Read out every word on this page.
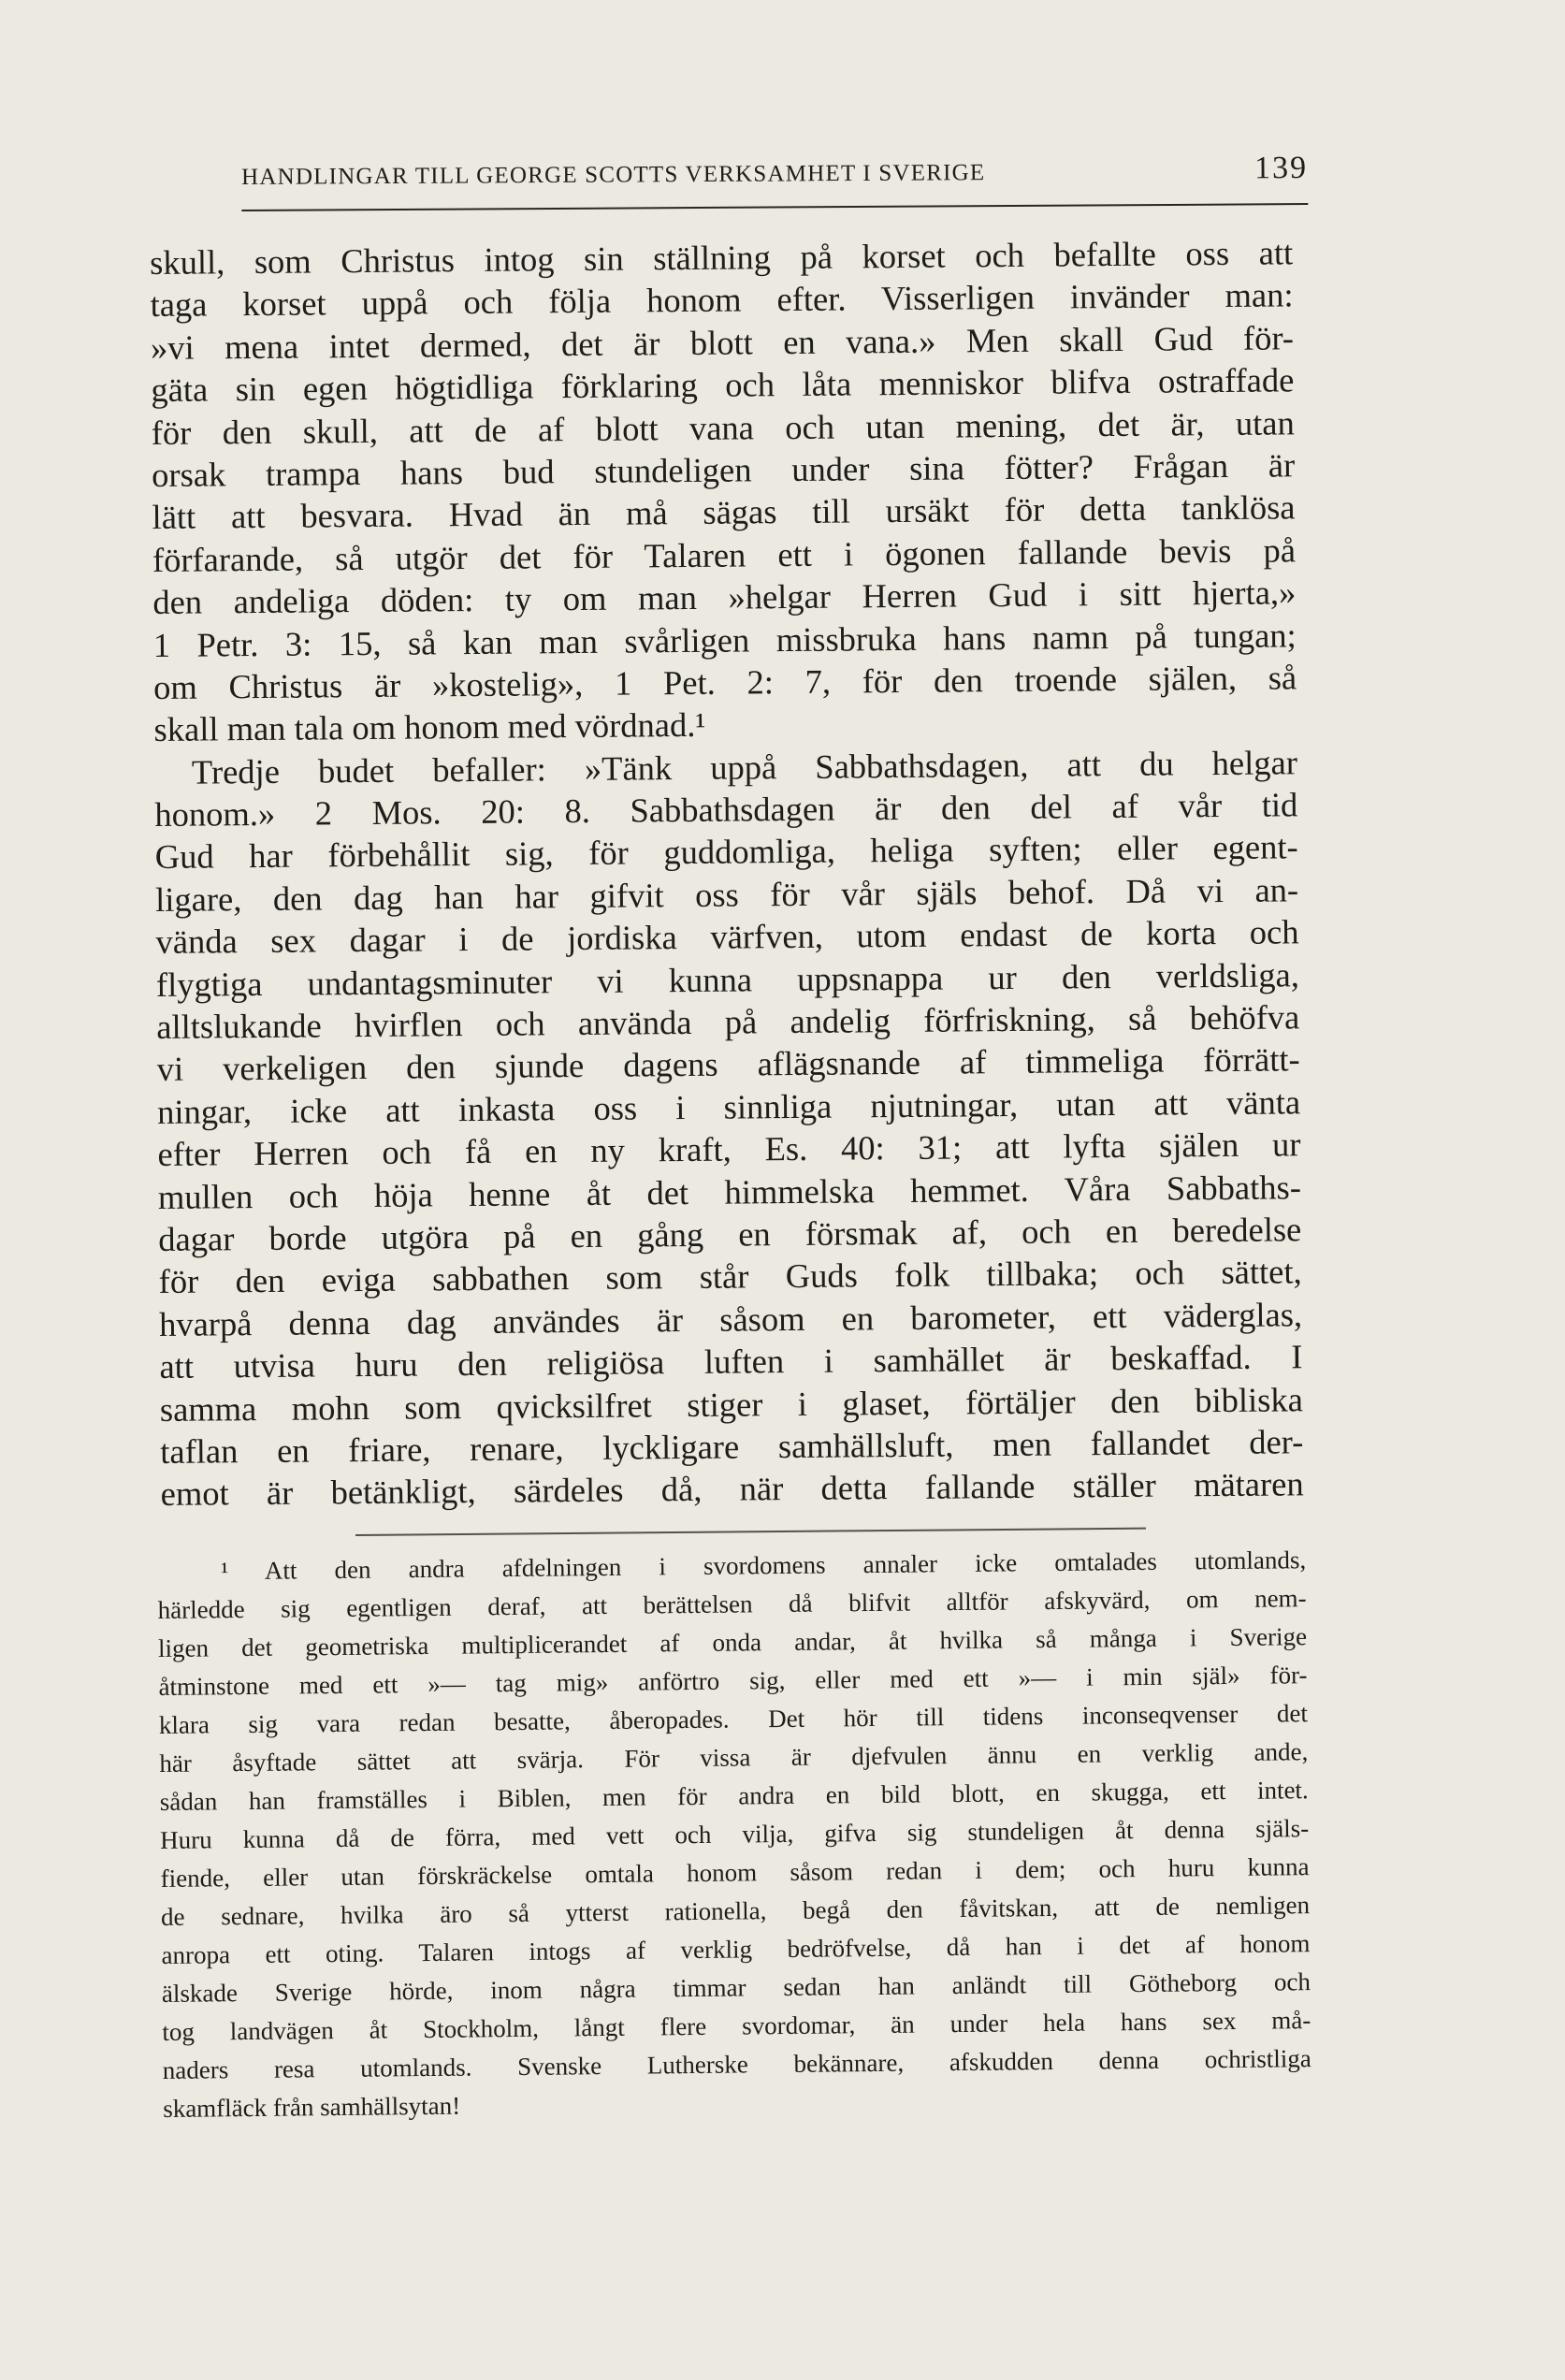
HANDLINGAR TILL GEORGE SCOTTS VERKSAMHET I SVERIGE	139
skull, som Christus intog sin ställning på korset och befallte oss att
taga korset uppå och följa honom efter. Visserligen invänder man:
»vi mena intet dermed, det är blott en vana.» Men skall Gud för-
gäta sin egen högtidliga förklaring och låta menniskor blifva ostraffade
för den skull, att de af blott vana och utan mening, det är, utan
orsak trampa hans bud stundeligen under sina fötter? Frågan är
lätt att besvara. Hvad än må sägas till ursäkt för detta tanklösa
förfarande, så utgör det för Talaren ett i ögonen fallande bevis på
den andeliga döden: ty om man »helgar Herren Gud i sitt hjerta,»
1 Petr. 3: 15, så kan man svårligen missbruka hans namn på tungan;
om Christus är »kostelig», 1 Pet. 2: 7, för den troende själen, så
skall man tala om honom med vördnad.¹
Tredje budet befaller: »Tänk uppå Sabbathsdagen, att du helgar
honom.» 2 Mos. 20: 8. Sabbathsdagen är den del af vår tid
Gud har förbehållit sig, för guddomliga, heliga syften; eller egent-
ligare, den dag han har gifvit oss för vår själs behof. Då vi an-
vända sex dagar i de jordiska värfven, utom endast de korta och
flygtiga undantagsminuter vi kunna uppsnappa ur den verldsliga,
alltslukande hvirflen och använda på andelig förfriskning, så behöfva
vi verkeligen den sjunde dagens aflägsnande af timmeliga förrätt-
ningar, icke att inkasta oss i sinnliga njutningar, utan att vänta
efter Herren och få en ny kraft, Es. 40: 31; att lyfta själen ur
mullen och höja henne åt det himmelska hemmet. Våra Sabbaths-
dagar borde utgöra på en gång en försmak af, och en beredelse
för den eviga sabbathen som står Guds folk tillbaka; och sättet,
hvarpå denna dag användes är såsom en barometer, ett väderglas,
att utvisa huru den religiösa luften i samhället är beskaffad. I
samma mohn som qvicksilfret stiger i glaset, förtäljer den bibliska
taflan en friare, renare, lyckligare samhällsluft, men fallandet der-
emot är betänkligt, särdeles då, när detta fallande ställer mätaren
¹ Att den andra afdelningen i svordomens annaler icke omtalades utomlands,
härledde sig egentligen deraf, att berättelsen då blifvit alltför afskyvärd, om nem-
ligen det geometriska multiplicerandet af onda andar, åt hvilka så många i Sverige
åtminstone med ett »— tag mig» anförtro sig, eller med ett »— i min själ» för-
klara sig vara redan besatte, åberopades. Det hör till tidens inconseqvenser det
här åsyftade sättet att svärja. För vissa är djefvulen ännu en verklig ande,
sådan han framställes i Biblen, men för andra en bild blott, en skugga, ett intet.
Huru kunna då de förra, med vett och vilja, gifva sig stundeligen åt denna själs-
fiende, eller utan förskräckelse omtala honom såsom redan i dem; och huru kunna
de sednare, hvilka äro så ytterst rationella, begå den fåvitskan, att de nemligen
anropa ett oting. Talaren intogs af verklig bedröfvelse, då han i det af honom
älskade Sverige hörde, inom några timmar sedan han anländt till Götheborg och
tog landvägen åt Stockholm, långt flere svordomar, än under hela hans sex må-
naders resa utomlands. Svenske Lutherske bekännare, afskudden denna ochristliga
skamfläck från samhällsytan!
